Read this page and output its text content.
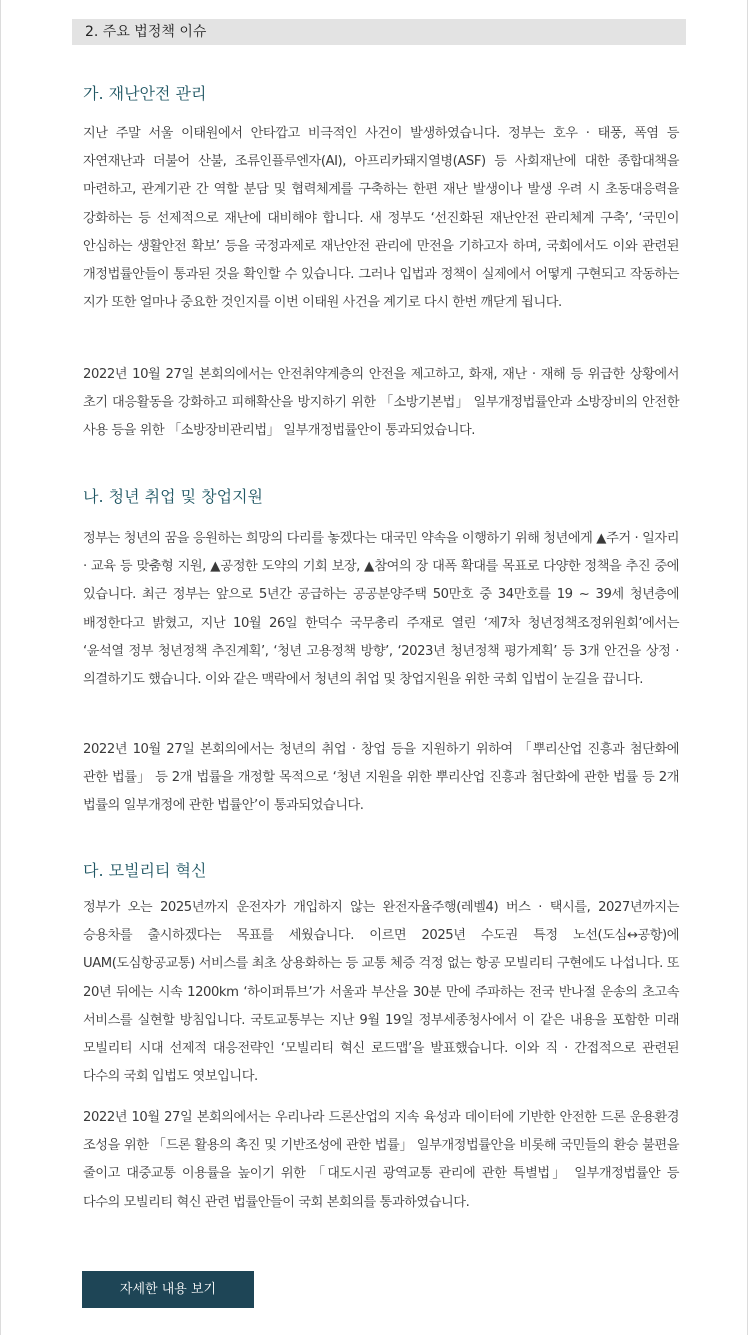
2. 주요 법정책 이슈
가. 재난안전 관리

지난 주말 서울 이태원에서 안타깝고 비극적인 사건이 발생하였습니다. 정부는 호우 · 태풍, 폭염 등 자연재난과 더불어 산불, 조류인플루엔자(AI), 아프리카돼지열병(ASF) 등 사회재난에 대한 종합대책을 마련하고, 관계기관 간 역할 분담 및 협력체계를 구축하는 한편 재난 발생이나 발생 우려 시 초동대응력을 강화하는 등 선제적으로 재난에 대비해야 합니다. 새 정부도 ‘선진화된 재난안전 관리체계 구축’, ‘국민이 안심하는 생활안전 확보’ 등을 국정과제로 재난안전 관리에 만전을 기하고자 하며, 국회에서도 이와 관련된 개정법률안들이 통과된 것을 확인할 수 있습니다. 그러나 입법과 정책이 실제에서 어떻게 구현되고 작동하는 지가 또한 얼마나 중요한 것인지를 이번 이태원 사건을 계기로 다시 한번 깨닫게 됩니다.

2022년 10월 27일 본회의에서는 안전취약계층의 안전을 제고하고, 화재, 재난 · 재해 등 위급한 상황에서 초기 대응활동을 강화하고 피해확산을 방지하기 위한 「소방기본법」 일부개정법률안과 소방장비의 안전한 사용 등을 위한 「소방장비관리법」 일부개정법률안이 통과되었습니다.

나. 청년 취업 및 창업지원

정부는 청년의 꿈을 응원하는 희망의 다리를 놓겠다는 대국민 약속을 이행하기 위해 청년에게 ▲주거 · 일자리 · 교육 등 맞춤형 지원, ▲공정한 도약의 기회 보장, ▲참여의 장 대폭 확대를 목표로 다양한 정책을 추진 중에 있습니다. 최근 정부는 앞으로 5년간 공급하는 공공분양주택 50만호 중 34만호를 19 ~ 39세 청년층에 배정한다고 밝혔고, 지난 10월 26일 한덕수 국무총리 주재로 열린 ‘제7차 청년정책조정위원회’에서는 ‘윤석열 정부 청년정책 추진계획’, ‘청년 고용정책 방향’, ‘2023년 청년정책 평가계획’ 등 3개 안건을 상정 · 의결하기도 했습니다. 이와 같은 맥락에서 청년의 취업 및 창업지원을 위한 국회 입법이 눈길을 끕니다.

2022년 10월 27일 본회의에서는 청년의 취업 · 창업 등을 지원하기 위하여 「뿌리산업 진흥과 첨단화에 관한 법률」 등 2개 법률을 개정할 목적으로 ‘청년 지원을 위한 뿌리산업 진흥과 첨단화에 관한 법률 등 2개 법률의 일부개정에 관한 법률안’이 통과되었습니다.

다. 모빌리티 혁신

정부가 오는 2025년까지 운전자가 개입하지 않는 완전자율주행(레벨4) 버스 · 택시를, 2027년까지는 승용차를 출시하겠다는 목표를 세웠습니다. 이르면 2025년 수도권 특정 노선(도심↔공항)에 UAM(도심항공교통) 서비스를 최초 상용화하는 등 교통 체증 걱정 없는 항공 모빌리티 구현에도 나섭니다. 또 20년 뒤에는 시속 1200km ‘하이퍼튜브’가 서울과 부산을 30분 만에 주파하는 전국 반나절 운송의 초고속 서비스를 실현할 방침입니다. 국토교통부는 지난 9월 19일 정부세종청사에서 이 같은 내용을 포함한 미래 모빌리티 시대 선제적 대응전략인 ‘모빌리티 혁신 로드맵’을 발표했습니다. 이와 직 · 간접적으로 관련된 다수의 국회 입법도 엿보입니다.

2022년 10월 27일 본회의에서는 우리나라 드론산업의 지속 육성과 데이터에 기반한 안전한 드론 운용환경 조성을 위한 「드론 활용의 촉진 및 기반조성에 관한 법률」 일부개정법률안을 비롯해 국민들의 환승 불편을 줄이고 대중교통 이용률을 높이기 위한 「대도시권 광역교통 관리에 관한 특별법」 일부개정법률안 등 다수의 모빌리티 혁신 관련 법률안들이 국회 본회의를 통과하였습니다.

자세한 내용 보기
